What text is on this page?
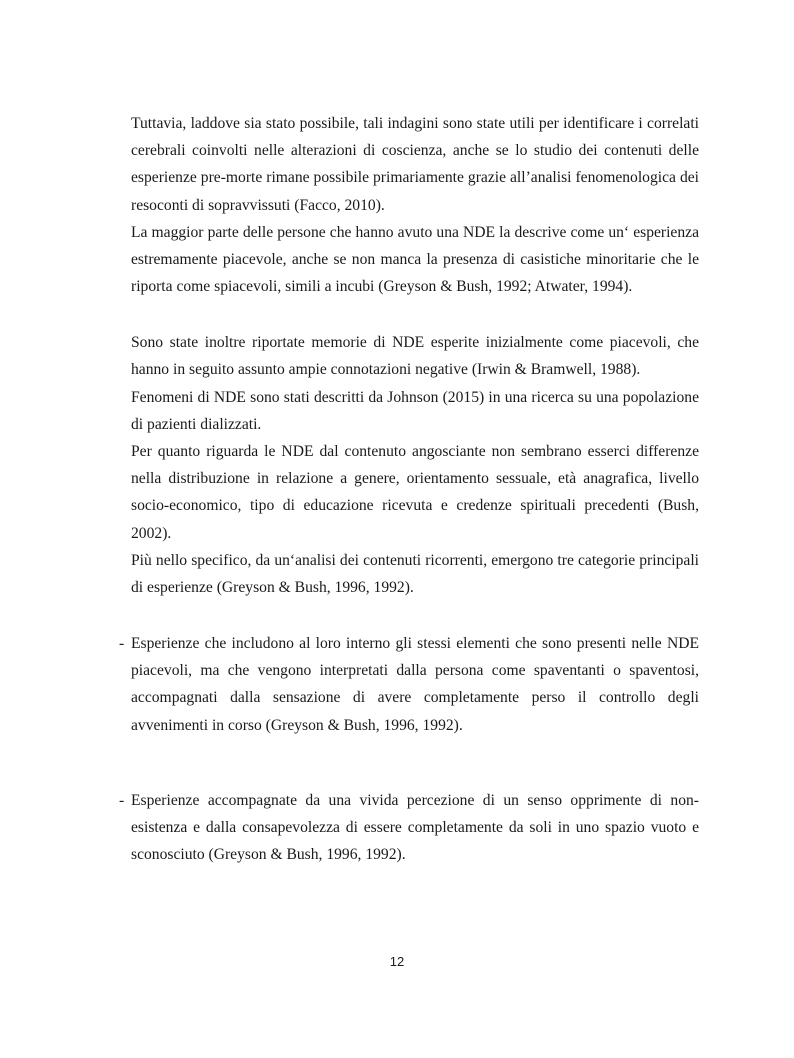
Tuttavia, laddove sia stato possibile, tali indagini sono state utili per identificare i correlati cerebrali coinvolti nelle alterazioni di coscienza, anche se lo studio dei contenuti delle esperienze pre-morte rimane possibile primariamente grazie all’analisi fenomenologica dei resoconti di sopravvissuti (Facco, 2010).

La maggior parte delle persone che hanno avuto una NDE la descrive come un‘ esperienza estremamente piacevole, anche se non manca la presenza di casistiche minoritarie che le riporta come spiacevoli, simili a incubi (Greyson & Bush, 1992; Atwater, 1994).

Sono state inoltre riportate memorie di NDE esperite inizialmente come piacevoli, che hanno in seguito assunto ampie connotazioni negative (Irwin & Bramwell, 1988).

Fenomeni di NDE sono stati descritti da Johnson (2015) in una ricerca su una popolazione di pazienti dializzati.

Per quanto riguarda le NDE dal contenuto angosciante non sembrano esserci differenze nella distribuzione in relazione a genere, orientamento sessuale, età anagrafica, livello socio-economico, tipo di educazione ricevuta e credenze spirituali precedenti (Bush, 2002).

Più nello specifico, da un‘analisi dei contenuti ricorrenti, emergono tre categorie principali di esperienze (Greyson & Bush, 1996, 1992).

- Esperienze che includono al loro interno gli stessi elementi che sono presenti nelle NDE piacevoli, ma che vengono interpretati dalla persona come spaventanti o spaventosi, accompagnati dalla sensazione di avere completamente perso il controllo degli avvenimenti in corso (Greyson & Bush, 1996, 1992).
- Esperienze accompagnate da una vivida percezione di un senso opprimente di non-esistenza e dalla consapevolezza di essere completamente da soli in uno spazio vuoto e sconosciuto (Greyson & Bush, 1996, 1992).
12
